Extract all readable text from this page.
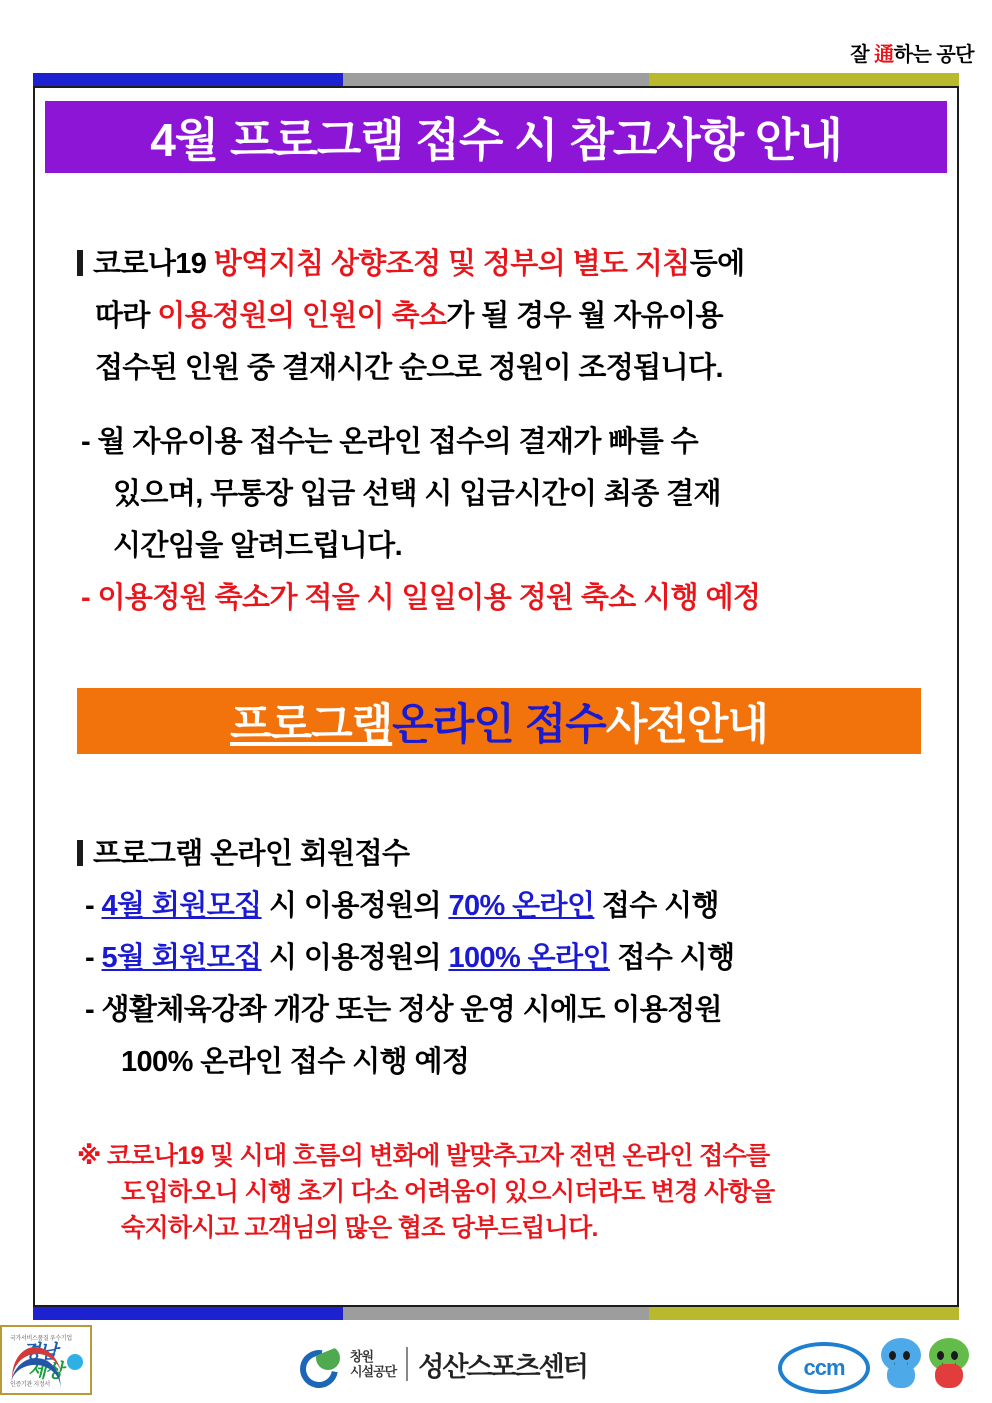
잘 通하는 공단
4월 프로그램 접수 시 참고사항 안내
코로나19 방역지침 상향조정 및 정부의 별도 지침등에
따라 이용정원의 인원이 축소가 될 경우 월 자유이용
접수된 인원 중 결재시간 순으로 정원이 조정됩니다.
- 월 자유이용 접수는 온라인 접수의 결재가 빠를 수
있으며, 무통장 입금 선택 시 입금시간이 최종 결재
시간임을 알려드립니다.
- 이용정원 축소가 적을 시 일일이용 정원 축소 시행 예정
프로그램 온라인 접수 사전안내
프로그램 온라인 회원접수
- 4월 회원모집 시 이용정원의 70% 온라인 접수 시행
- 5월 회원모집 시 이용정원의 100% 온라인 접수 시행
- 생활체육강좌 개강 또는 정상 운영 시에도 이용정원
100% 온라인 접수 시행 예정
※ 코로나19 및 시대 흐름의 변화에 발맞추고자 전면 온라인 접수를
도입하오니 시행 초기 다소 어려움이 있으시더라도 변경 사항을
숙지하시고 고객님의 많은 협조 당부드립니다.
경남
세상
국가서비스품질 우수기업
인증기관 지정서
창원
시설공단 성산스포츠센터	ccm
